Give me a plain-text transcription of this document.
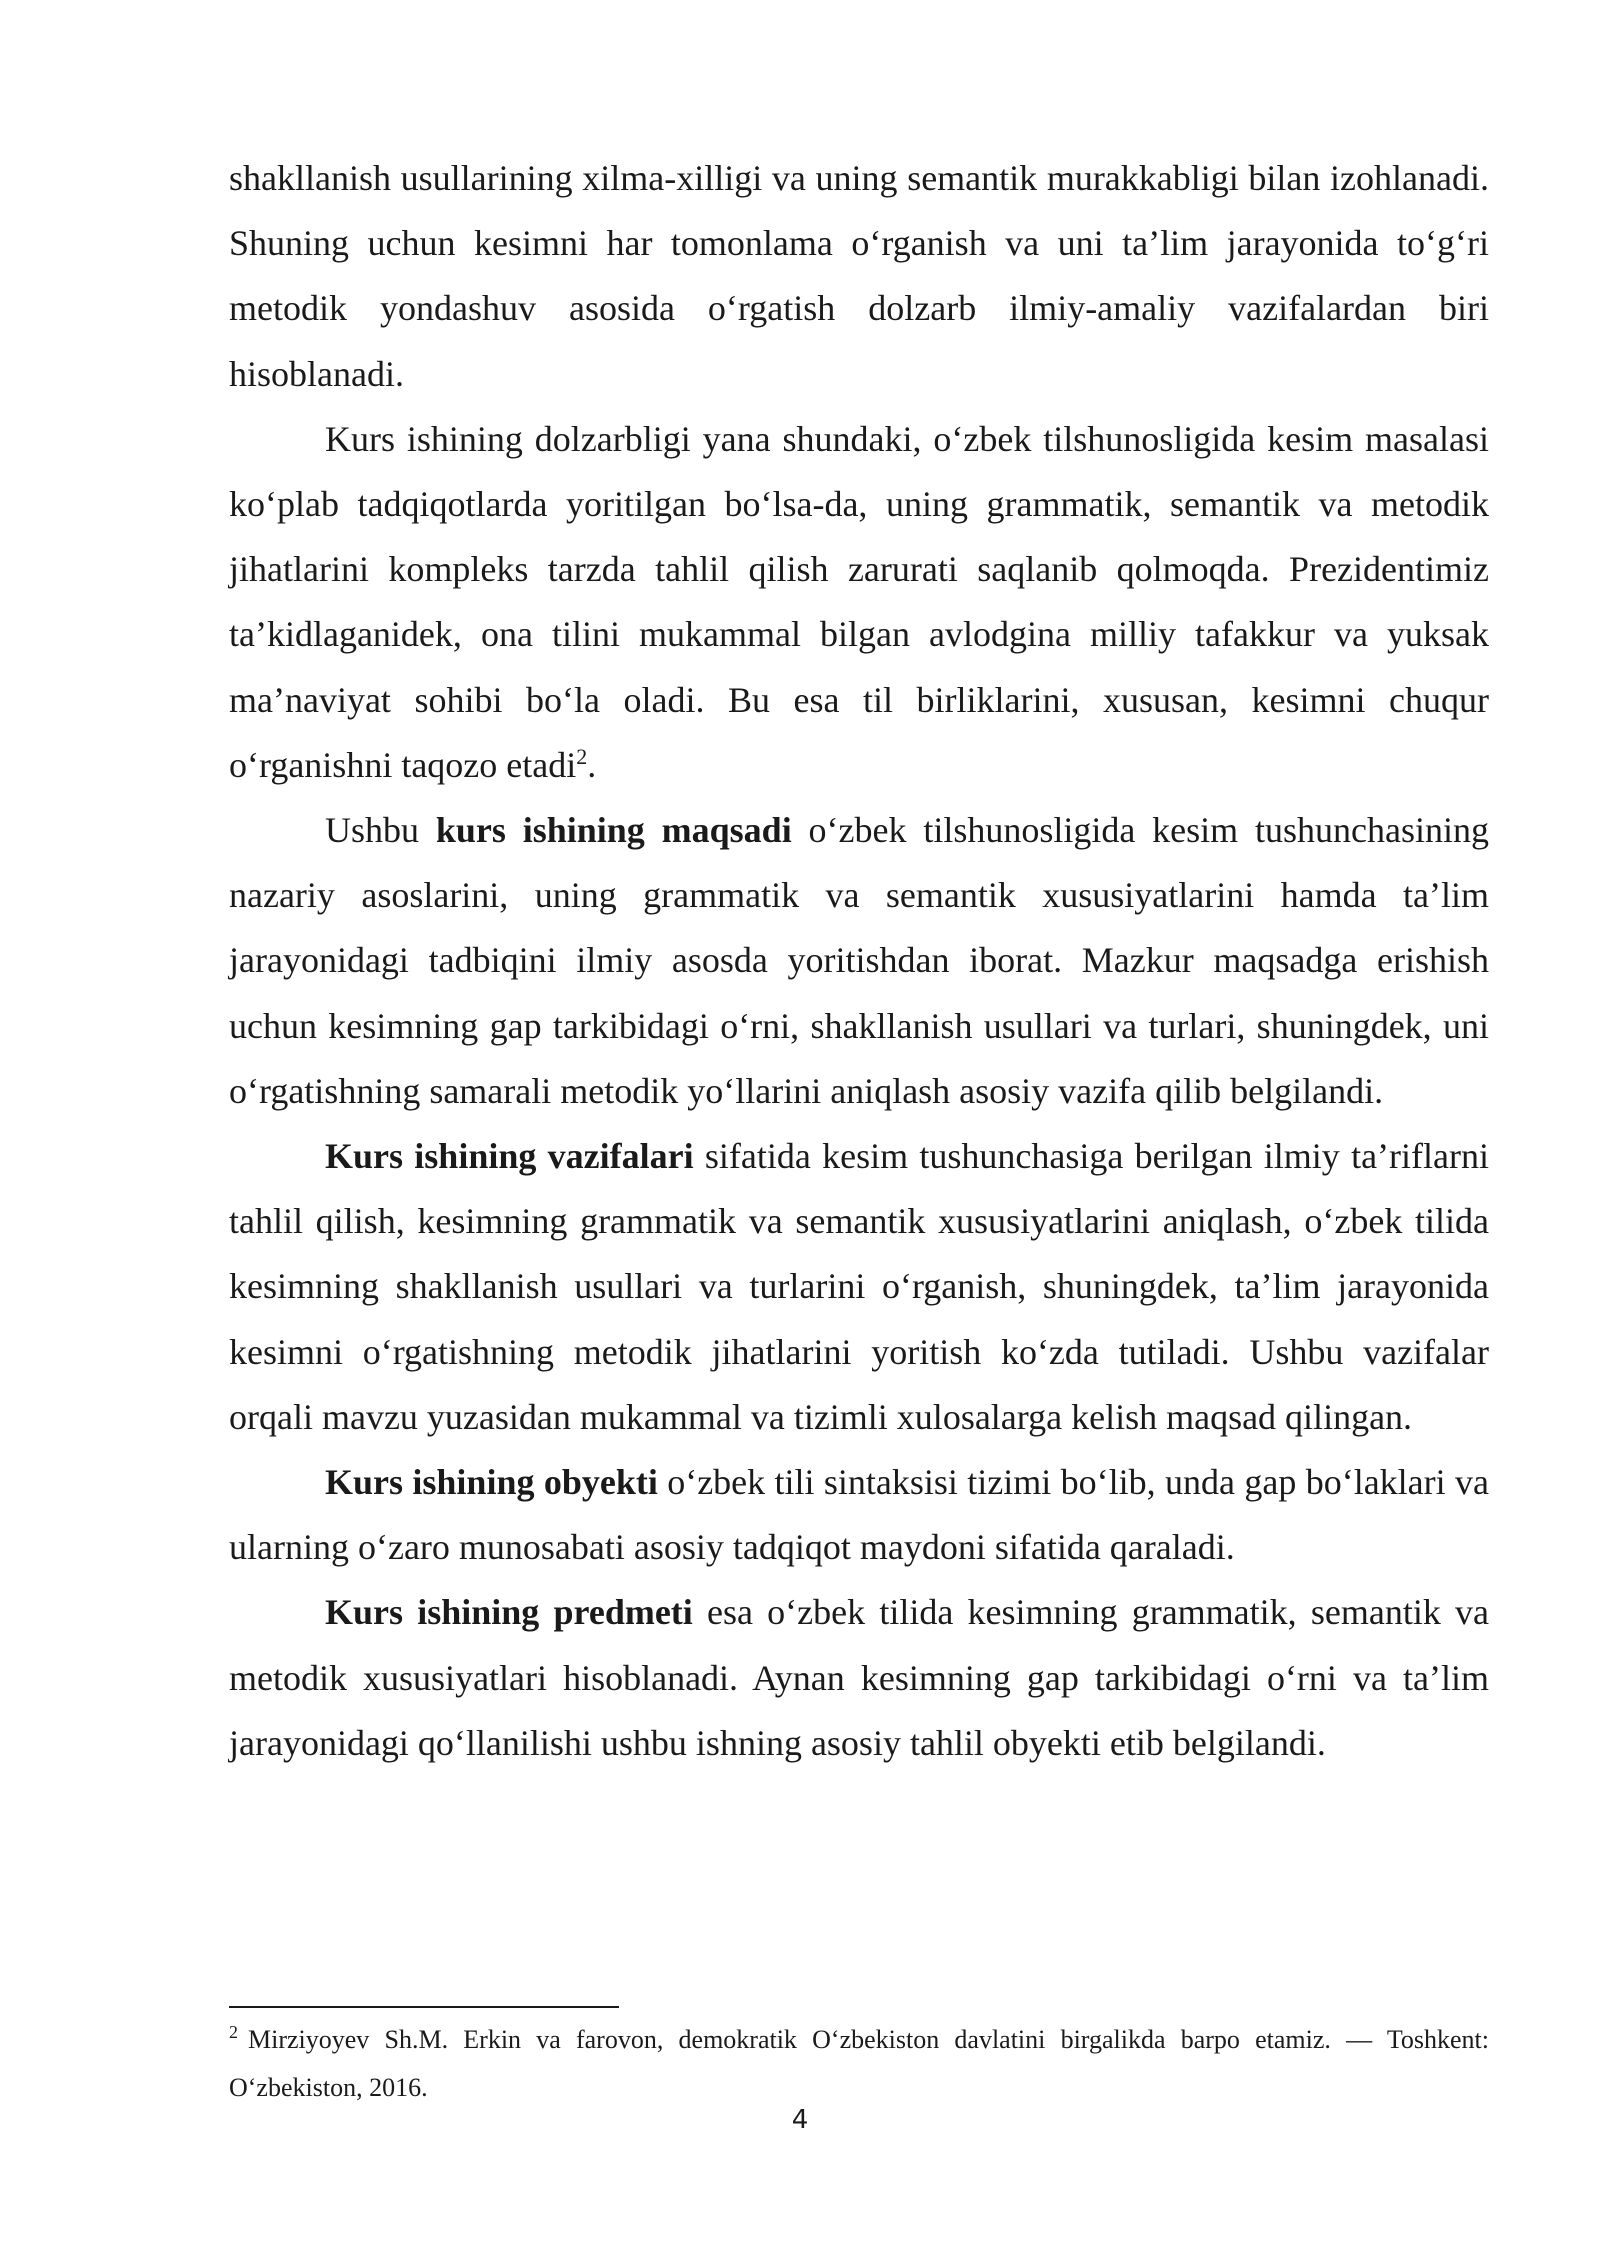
shakllanish usullarining xilma-xilligi va uning semantik murakkabligi bilan izohlanadi. Shuning uchun kesimni har tomonlama o‘rganish va uni ta’lim jarayonida to‘g‘ri metodik yondashuv asosida o‘rgatish dolzarb ilmiy-amaliy vazifalardan biri hisoblanadi.

Kurs ishining dolzarbligi yana shundaki, o‘zbek tilshunosligida kesim masalasi ko‘plab tadqiqotlarda yoritilgan bo‘lsa-da, uning grammatik, semantik va metodik jihatlarini kompleks tarzda tahlil qilish zarurati saqlanib qolmoqda. Prezidentimiz ta’kidlaganidek, ona tilini mukammal bilgan avlodgina milliy tafakkur va yuksak ma’naviyat sohibi bo‘la oladi. Bu esa til birliklarini, xususan, kesimni chuqur o‘rganishni taqozo etadi$^2$.

Ushbu kurs ishining maqsadi o‘zbek tilshunosligida kesim tushunchasining nazariy asoslarini, uning grammatik va semantik xususiyatlarini hamda ta’lim jarayonidagi tadbiqini ilmiy asosda yoritishdan iborat. Mazkur maqsadga erishish uchun kesimning gap tarkibidagi o‘rni, shakllanish usullari va turlari, shuningdek, uni o‘rgatishning samarali metodik yo‘llarini aniqlash asosiy vazifa qilib belgilandi.

Kurs ishining vazifalari sifatida kesim tushunchasiga berilgan ilmiy ta’riflarni tahlil qilish, kesimning grammatik va semantik xususiyatlarini aniqlash, o‘zbek tilida kesimning shakllanish usullari va turlarini o‘rganish, shuningdek, ta’lim jarayonida kesimni o‘rgatishning metodik jihatlarini yoritish ko‘zda tutiladi. Ushbu vazifalar orqali mavzu yuzasidan mukammal va tizimli xulosalarga kelish maqsad qilingan.

Kurs ishining obyekti o‘zbek tili sintaksisi tizimi bo‘lib, unda gap bo‘laklari va ularning o‘zaro munosabati asosiy tadqiqot maydoni sifatida qaraladi.

Kurs ishining predmeti esa o‘zbek tilida kesimning grammatik, semantik va metodik xususiyatlari hisoblanadi. Aynan kesimning gap tarkibidagi o‘rni va ta’lim jarayonidagi qo‘llanilishi ushbu ishning asosiy tahlil obyekti etib belgilandi.

$^2$ Mirziyoyev Sh.M. Erkin va farovon, demokratik O‘zbekiston davlatini birgalikda barpo etamiz. — Toshkent: O‘zbekiston, 2016.
4
